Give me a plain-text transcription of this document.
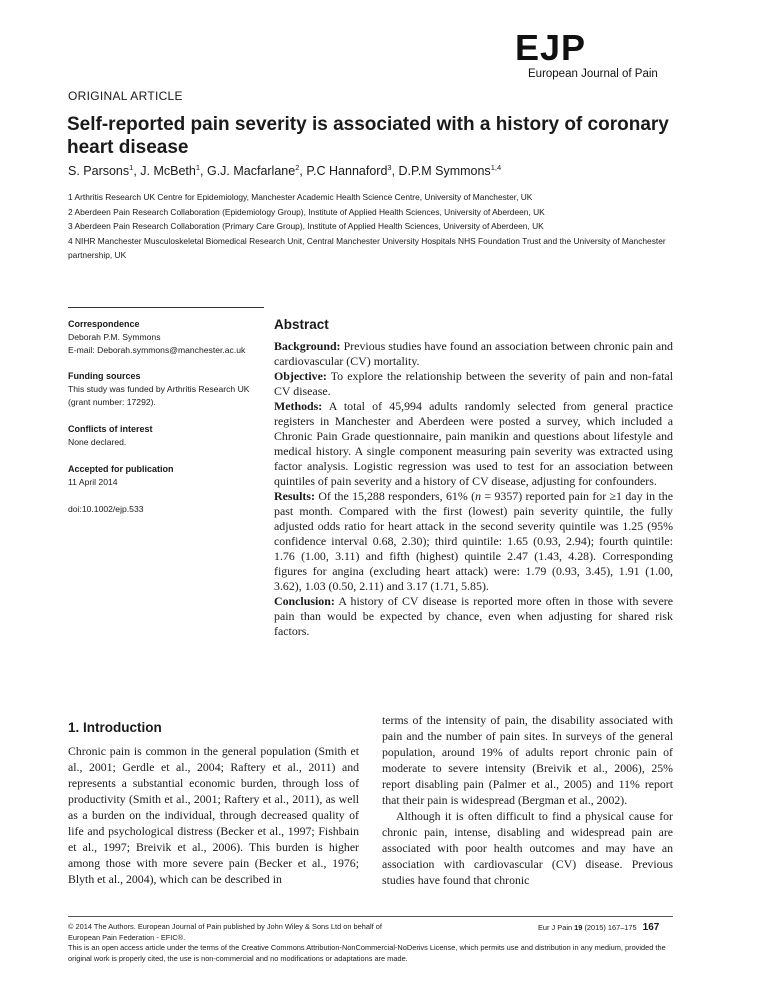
EJP
European Journal of Pain
ORIGINAL ARTICLE
Self-reported pain severity is associated with a history of coronary heart disease
S. Parsons$^1$, J. McBeth$^1$, G.J. Macfarlane$^2$, P.C Hannaford$^3$, D.P.M Symmons$^{1,4}$
1 Arthritis Research UK Centre for Epidemiology, Manchester Academic Health Science Centre, University of Manchester, UK
2 Aberdeen Pain Research Collaboration (Epidemiology Group), Institute of Applied Health Sciences, University of Aberdeen, UK
3 Aberdeen Pain Research Collaboration (Primary Care Group), Institute of Applied Health Sciences, University of Aberdeen, UK
4 NIHR Manchester Musculoskeletal Biomedical Research Unit, Central Manchester University Hospitals NHS Foundation Trust and the University of Manchester partnership, UK
Correspondence
Deborah P.M. Symmons
E-mail: Deborah.symmons@manchester.ac.uk
Funding sources
This study was funded by Arthritis Research UK (grant number: 17292).
Conflicts of interest
None declared.
Accepted for publication
11 April 2014
doi:10.1002/ejp.533
Abstract

Background: Previous studies have found an association between chronic pain and cardiovascular (CV) mortality.

Objective: To explore the relationship between the severity of pain and non-fatal CV disease.

Methods: A total of 45,994 adults randomly selected from general practice registers in Manchester and Aberdeen were posted a survey, which included a Chronic Pain Grade questionnaire, pain manikin and questions about lifestyle and medical history. A single component measuring pain severity was extracted using factor analysis. Logistic regression was used to test for an association between quintiles of pain severity and a history of CV disease, adjusting for confounders.

Results: Of the 15,288 responders, 61% (n = 9357) reported pain for ≥1 day in the past month. Compared with the first (lowest) pain severity quintile, the fully adjusted odds ratio for heart attack in the second severity quintile was 1.25 (95% confidence interval 0.68, 2.30); third quintile: 1.65 (0.93, 2.94); fourth quintile: 1.76 (1.00, 3.11) and fifth (highest) quintile 2.47 (1.43, 4.28). Corresponding figures for angina (excluding heart attack) were: 1.79 (0.93, 3.45), 1.91 (1.00, 3.62), 1.03 (0.50, 2.11) and 3.17 (1.71, 5.85).

Conclusion: A history of CV disease is reported more often in those with severe pain than would be expected by chance, even when adjusting for shared risk factors.

1. Introduction

Chronic pain is common in the general population (Smith et al., 2001; Gerdle et al., 2004; Raftery et al., 2011) and represents a substantial economic burden, through loss of productivity (Smith et al., 2001; Raftery et al., 2011), as well as a burden on the individual, through decreased quality of life and psychological distress (Becker et al., 1997; Fishbain et al., 1997; Breivik et al., 2006). This burden is higher among those with more severe pain (Becker et al., 1976; Blyth et al., 2004), which can be described in

terms of the intensity of pain, the disability associated with pain and the number of pain sites. In surveys of the general population, around 19% of adults report chronic pain of moderate to severe intensity (Breivik et al., 2006), 25% report disabling pain (Palmer et al., 2005) and 11% report that their pain is widespread (Bergman et al., 2002).

Although it is often difficult to find a physical cause for chronic pain, intense, disabling and widespread pain are associated with poor health outcomes and may have an association with cardiovascular (CV) disease. Previous studies have found that chronic

© 2014 The Authors. European Journal of Pain published by John Wiley & Sons Ltd on behalf of
European Pain Federation - EFIC®.
This is an open access article under the terms of the Creative Commons Attribution-NonCommercial-NoDerivs License, which permits use and distribution in any medium, provided the original work is properly cited, the use is non-commercial and no modifications or adaptations are made.
Eur J Pain 19 (2015) 167–175 167
